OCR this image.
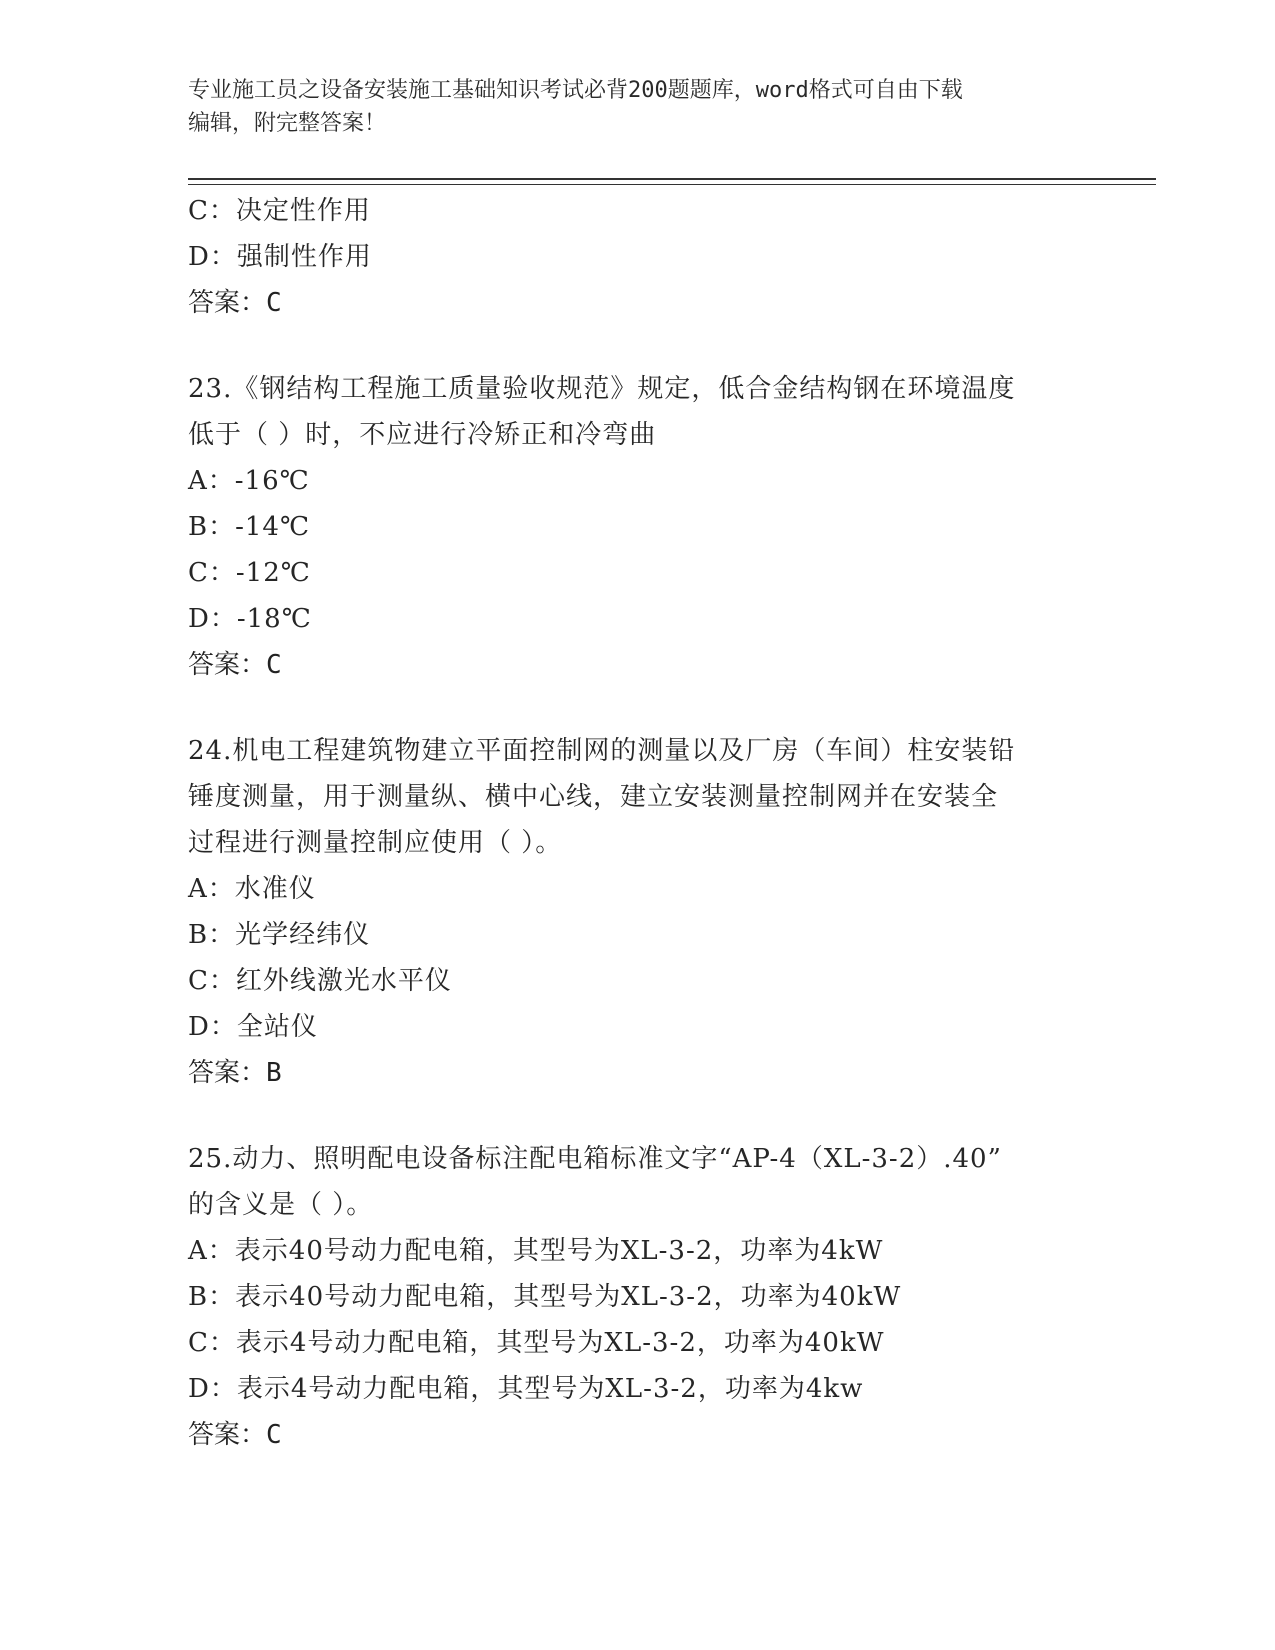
专业施工员之设备安装施工基础知识考试必背200题题库，word格式可自由下载
编辑，附完整答案！
C：决定性作用
D：强制性作用
答案：C
23.《钢结构工程施工质量验收规范》规定，低合金结构钢在环境温度
低于（ ）时，不应进行冷矫正和冷弯曲
A：-16℃
B：-14℃
C：-12℃
D：-18℃
答案：C
24.机电工程建筑物建立平面控制网的测量以及厂房（车间）柱安装铅
锤度测量，用于测量纵、横中心线，建立安装测量控制网并在安装全
过程进行测量控制应使用（ ）。
A：水准仪
B：光学经纬仪
C：红外线激光水平仪
D：全站仪
答案：B
25.动力、照明配电设备标注配电箱标准文字“AP-4（XL-3-2）.40”
的含义是（ ）。
A：表示40号动力配电箱，其型号为XL-3-2，功率为4kW
B：表示40号动力配电箱，其型号为XL-3-2，功率为40kW
C：表示4号动力配电箱，其型号为XL-3-2，功率为40kW
D：表示4号动力配电箱，其型号为XL-3-2，功率为4kw
答案：C
